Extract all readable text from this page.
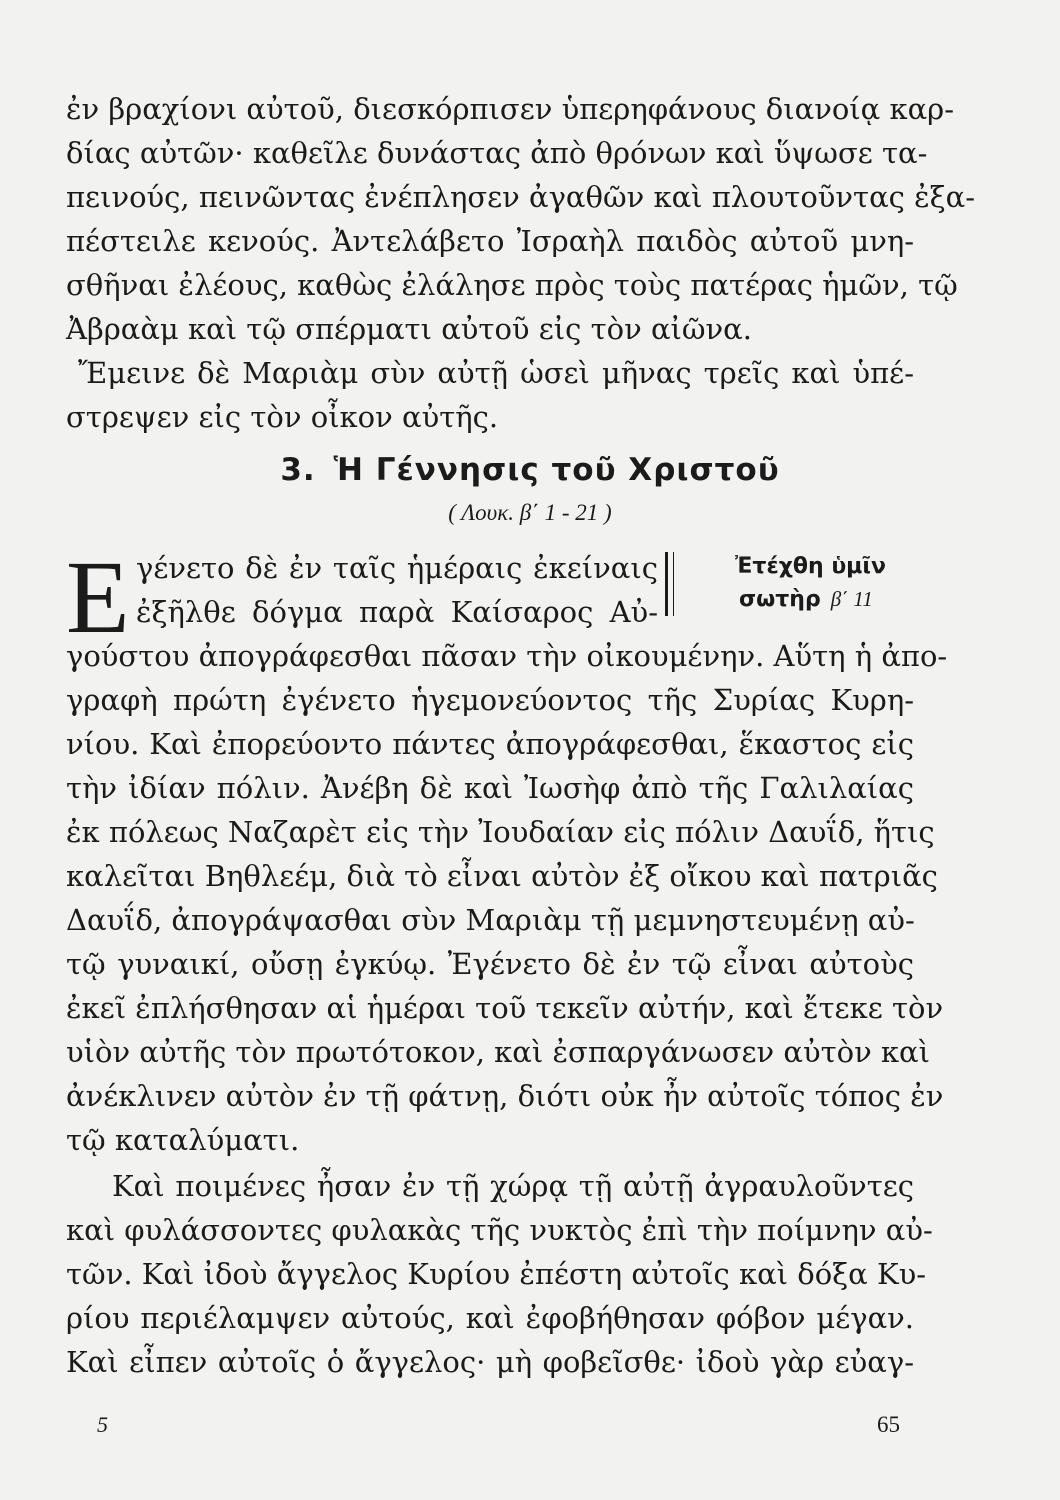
ἐν βραχίονι αὐτοῦ, διεσκόρπισεν ὑπερηφάνους διανοίᾳ καρ-
δίας αὐτῶν· καθεῖλε δυνάστας ἀπὸ θρόνων καὶ ὕψωσε τα-
πεινούς, πεινῶντας ἐνέπλησεν ἀγαθῶν καὶ πλουτοῦντας ἐξα-
πέστειλε κενούς. Ἀντελάβετο Ἰσραὴλ παιδὸς αὐτοῦ μνη-
σθῆναι ἐλέους, καθὼς ἐλάλησε πρὸς τοὺς πατέρας ἡμῶν, τῷ
Ἀβραὰμ καὶ τῷ σπέρματι αὐτοῦ εἰς τὸν αἰῶνα.
Ἔμεινε δὲ Μαριὰμ σὺν αὐτῇ ὡσεὶ μῆνας τρεῖς καὶ ὑπέ-
στρεψεν εἰς τὸν οἶκον αὐτῆς.
3. Ἡ Γέννησις τοῦ Χριστοῦ
( Λουκ. β΄ 1 - 21 )
Ε γένετο δὲ ἐν ταῖς ἡμέραις ἐκείναις
ἐξῆλθε δόγμα παρὰ Καίσαρος Αὐ-
Ἐτέχθη ὑμῖν
σωτὴρ β΄ 11
γούστου ἀπογράφεσθαι πᾶσαν τὴν οἰκουμένην. Αὕτη ἡ ἀπο-
γραφὴ πρώτη ἐγένετο ἡγεμονεύοντος τῆς Συρίας Κυρη-
νίου. Καὶ ἐπορεύοντο πάντες ἀπογράφεσθαι, ἕκαστος εἰς
τὴν ἰδίαν πόλιν. Ἀνέβη δὲ καὶ Ἰωσὴφ ἀπὸ τῆς Γαλιλαίας
ἐκ πόλεως Ναζαρὲτ εἰς τὴν Ἰουδαίαν εἰς πόλιν Δαυΐδ, ἥτις
καλεῖται Βηθλεέμ, διὰ τὸ εἶναι αὐτὸν ἐξ οἴκου καὶ πατριᾶς
Δαυΐδ, ἀπογράψασθαι σὺν Μαριὰμ τῇ μεμνηστευμένῃ αὐ-
τῷ γυναικί, οὔσῃ ἐγκύῳ. Ἐγένετο δὲ ἐν τῷ εἶναι αὐτοὺς
ἐκεῖ ἐπλήσθησαν αἱ ἡμέραι τοῦ τεκεῖν αὐτήν, καὶ ἔτεκε τὸν
υἱὸν αὐτῆς τὸν πρωτότοκον, καὶ ἐσπαργάνωσεν αὐτὸν καὶ
ἀνέκλινεν αὐτὸν ἐν τῇ φάτνῃ, διότι οὐκ ἦν αὐτοῖς τόπος ἐν
τῷ καταλύματι.
Καὶ ποιμένες ἦσαν ἐν τῇ χώρᾳ τῇ αὐτῇ ἀγραυλοῦντες
καὶ φυλάσσοντες φυλακὰς τῆς νυκτὸς ἐπὶ τὴν ποίμνην αὐ-
τῶν. Καὶ ἰδοὺ ἄγγελος Κυρίου ἐπέστη αὐτοῖς καὶ δόξα Κυ-
ρίου περιέλαμψεν αὐτούς, καὶ ἐφοβήθησαν φόβον μέγαν.
Καὶ εἶπεν αὐτοῖς ὁ ἄγγελος· μὴ φοβεῖσθε· ἰδοὺ γὰρ εὐαγ-
5	65
